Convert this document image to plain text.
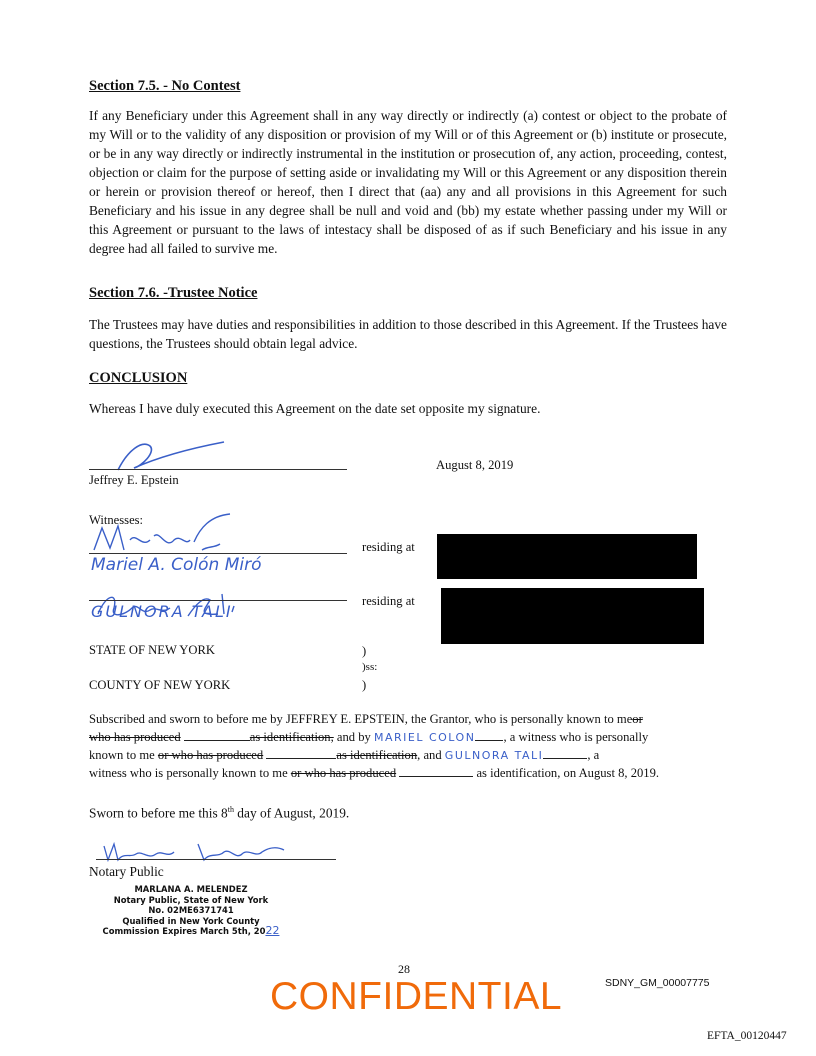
Section 7.5. - No Contest
If any Beneficiary under this Agreement shall in any way directly or indirectly (a) contest or object to the probate of my Will or to the validity of any disposition or provision of my Will or of this Agreement or (b) institute or prosecute, or be in any way directly or indirectly instrumental in the institution or prosecution of, any action, proceeding, contest, objection or claim for the purpose of setting aside or invalidating my Will or this Agreement or any disposition therein or herein or provision thereof or hereof, then I direct that (aa) any and all provisions in this Agreement for such Beneficiary and his issue in any degree shall be null and void and (bb) my estate whether passing under my Will or this Agreement or pursuant to the laws of intestacy shall be disposed of as if such Beneficiary and his issue in any degree had all failed to survive me.
Section 7.6. -Trustee Notice
The Trustees may have duties and responsibilities in addition to those described in this Agreement. If the Trustees have questions, the Trustees should obtain legal advice.
CONCLUSION
Whereas I have duly executed this Agreement on the date set opposite my signature.
Jeffrey E. Epstein
August 8, 2019
Witnesses:
Mariel A. Colón Miró
residing at
GULNORA TALI
residing at
STATE OF NEW YORK	)
)ss:
COUNTY OF NEW YORK	)
Subscribed and sworn to before me by JEFFREY E. EPSTEIN, the Grantor, who is personally known to meor
who has produced	as identification, and by MARIEL COLON , a witness who is personally
known to me or who has produced	as identification, and GULNORA TALI	, a
witness who is personally known to me or who has produced	as identification, on August 8, 2019.
Sworn to before me this 8th day of August, 2019.
Notary Public
MARLANA A. MELENDEZ
Notary Public, State of New York
No. 02ME6371741
Qualified in New York County
Commission Expires March 5th, 2022
28
CONFIDENTIAL	SDNY_GM_00007775
EFTA_00120447
